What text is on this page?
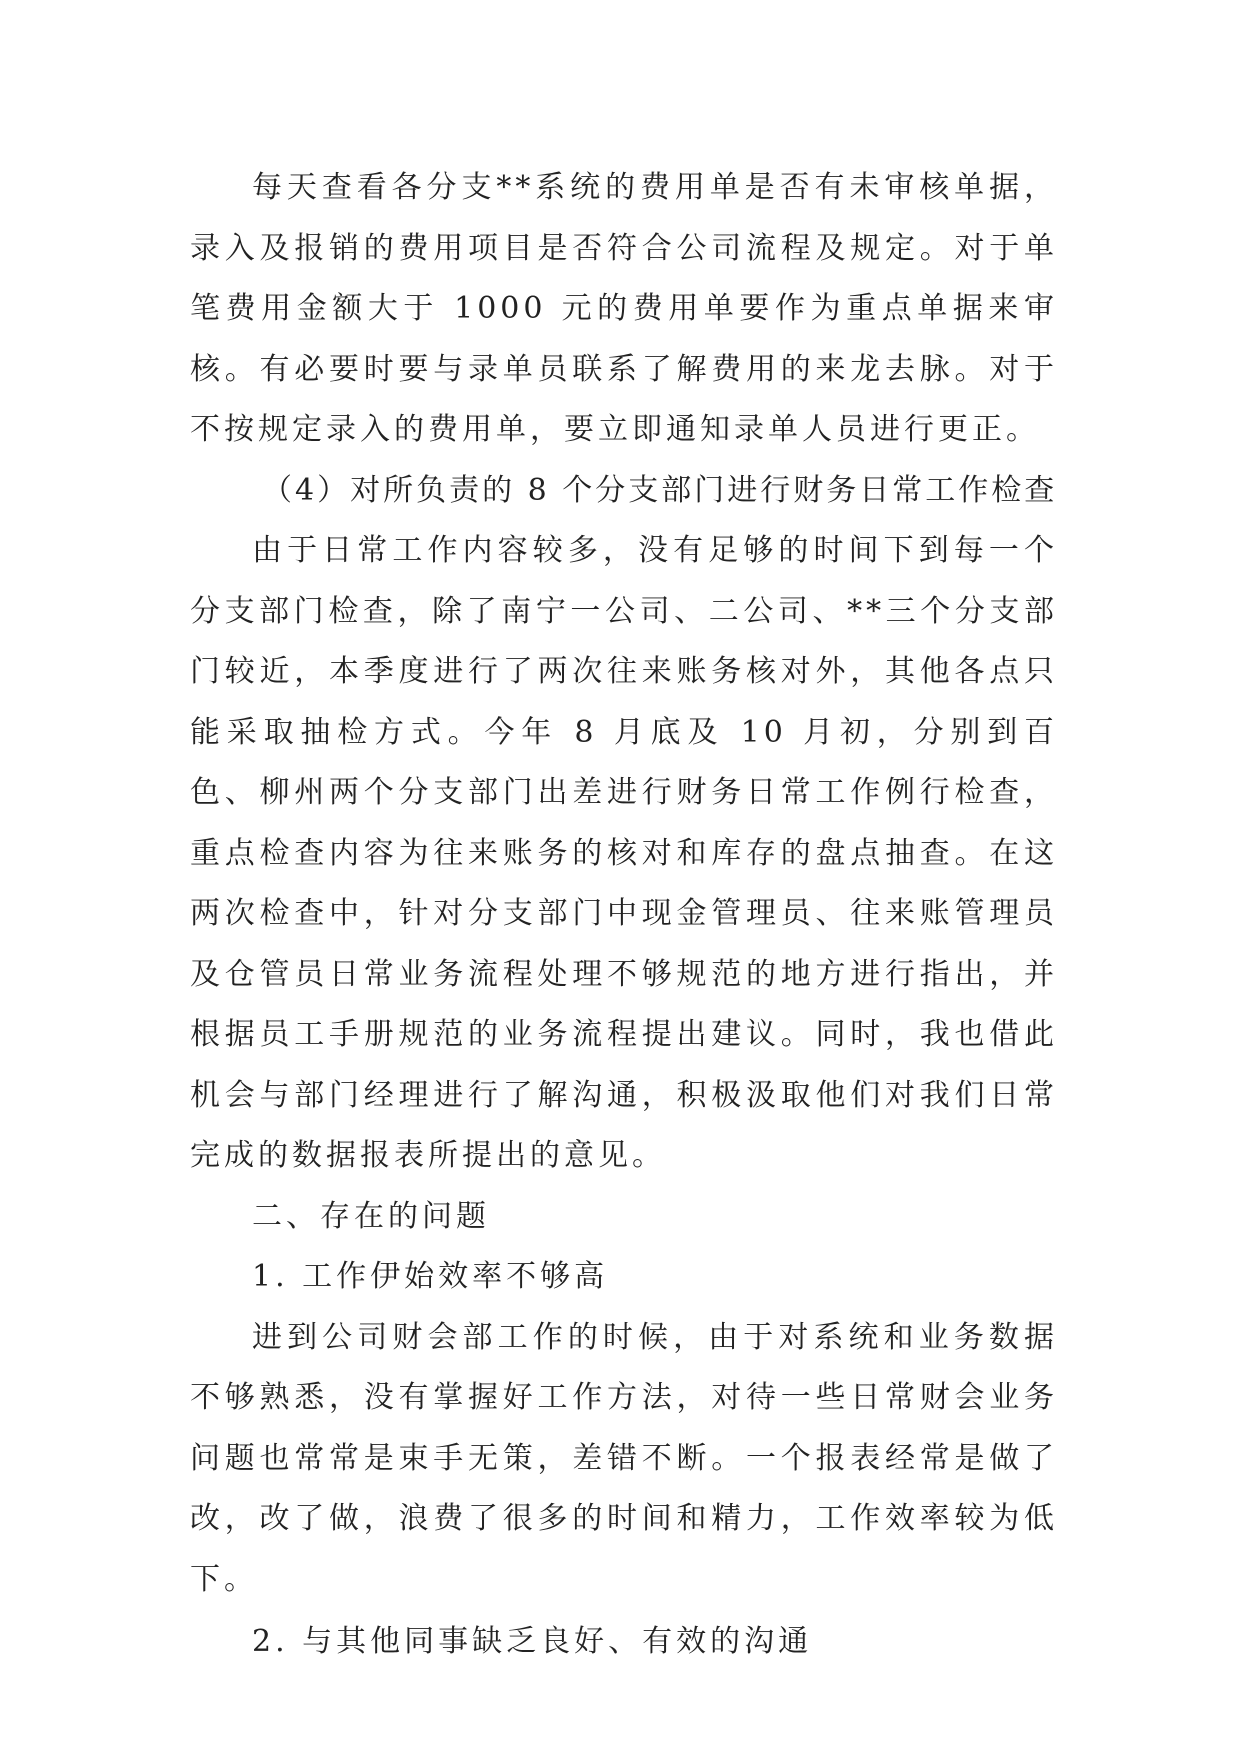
每天查看各分支**系统的费用单是否有未审核单据，录入及报销的费用项目是否符合公司流程及规定。对于单笔费用金额大于 1000 元的费用单要作为重点单据来审核。有必要时要与录单员联系了解费用的来龙去脉。对于不按规定录入的费用单，要立即通知录单人员进行更正。

（4）对所负责的 8 个分支部门进行财务日常工作检查

由于日常工作内容较多，没有足够的时间下到每一个分支部门检查，除了南宁一公司、二公司、**三个分支部门较近，本季度进行了两次往来账务核对外，其他各点只能采取抽检方式。今年 8 月底及 10 月初，分别到百色、柳州两个分支部门出差进行财务日常工作例行检查，重点检查内容为往来账务的核对和库存的盘点抽查。在这两次检查中，针对分支部门中现金管理员、往来账管理员及仓管员日常业务流程处理不够规范的地方进行指出，并根据员工手册规范的业务流程提出建议。同时，我也借此机会与部门经理进行了解沟通，积极汲取他们对我们日常完成的数据报表所提出的意见。

二、存在的问题

1. 工作伊始效率不够高

进到公司财会部工作的时候，由于对系统和业务数据不够熟悉，没有掌握好工作方法，对待一些日常财会业务问题也常常是束手无策，差错不断。一个报表经常是做了改，改了做，浪费了很多的时间和精力，工作效率较为低下。

2. 与其他同事缺乏良好、有效的沟通
